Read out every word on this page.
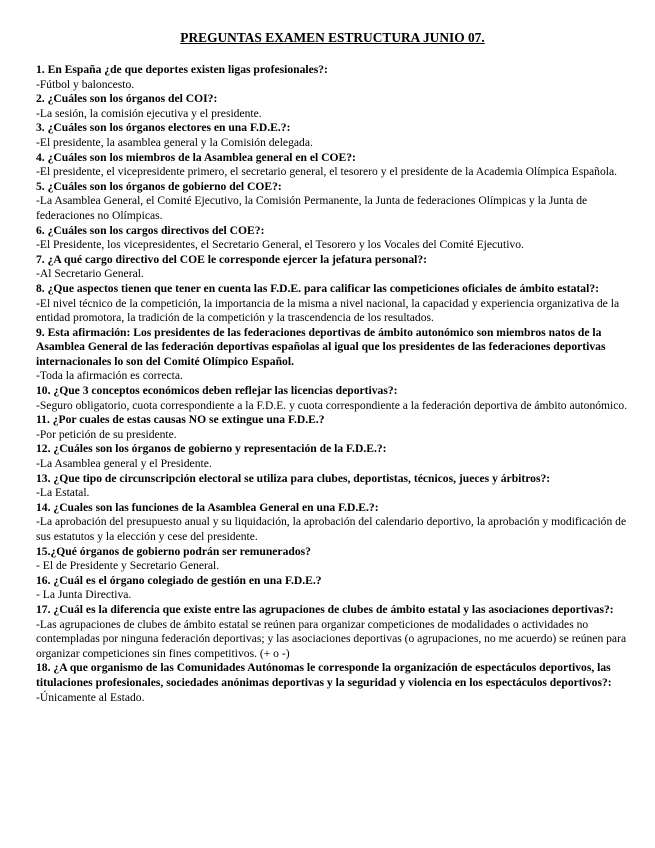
PREGUNTAS EXAMEN ESTRUCTURA JUNIO 07.
1. En España ¿de que deportes existen ligas profesionales?:
-Fútbol y baloncesto.
2. ¿Cuáles son los órganos del COI?:
-La sesión, la comisión ejecutiva y el presidente.
3. ¿Cuáles son los órganos electores en una F.D.E.?:
-El presidente, la asamblea general y la Comisión delegada.
4. ¿Cuáles son los miembros de la Asamblea general en el COE?:
-El presidente, el vicepresidente primero, el secretario general, el tesorero y el presidente de la Academia Olímpica Española.
5. ¿Cuáles son los órganos de gobierno del COE?:
-La Asamblea General, el Comité Ejecutivo, la Comisión Permanente, la Junta de federaciones Olímpicas y la Junta de federaciones no Olímpicas.
6. ¿Cuáles son los cargos directivos del COE?:
-El Presidente, los vicepresidentes, el Secretario General, el Tesorero y los Vocales del Comité Ejecutivo.
7. ¿A qué cargo directivo del COE le corresponde ejercer la jefatura personal?:
-Al Secretario General.
8. ¿Que aspectos tienen que tener en cuenta las F.D.E. para calificar las competiciones oficiales de ámbito estatal?:
-El nivel técnico de la competición, la importancia de la misma a nivel nacional, la capacidad y experiencia organizativa de la entidad promotora, la tradición de la competición y la trascendencia de los resultados.
9. Esta afirmación: Los presidentes de las federaciones deportivas de ámbito autonómico son miembros natos de la Asamblea General de las federación deportivas españolas al igual que los presidentes de las federaciones deportivas internacionales lo son del Comité Olímpico Español.
-Toda la afirmación es correcta.
10. ¿Que 3 conceptos económicos deben reflejar las licencias deportivas?:
-Seguro obligatorio, cuota correspondiente a la F.D.E. y cuota correspondiente a la federación deportiva de ámbito autonómico.
11. ¿Por cuales de estas causas NO se extingue una F.D.E.?
-Por petición de su presidente.
12. ¿Cuáles son los órganos de gobierno y representación de la F.D.E.?:
-La Asamblea general y el Presidente.
13. ¿Que tipo de circunscripción electoral se utiliza para clubes, deportistas, técnicos, jueces y árbitros?:
-La Estatal.
14. ¿Cuales son las funciones de la Asamblea General en una F.D.E.?:
-La aprobación del presupuesto anual y su liquidación, la aprobación del calendario deportivo, la aprobación y modificación de sus estatutos y la elección y cese del presidente.
15.¿Qué órganos de gobierno podrán ser remunerados?
- El de Presidente y Secretario General.
16. ¿Cuál es el órgano colegiado de gestión en una F.D.E.?
- La Junta Directiva.
17. ¿Cuál es la diferencia que existe entre las agrupaciones de clubes de ámbito estatal y las asociaciones deportivas?:
-Las agrupaciones de clubes de ámbito estatal se reúnen para organizar competiciones de modalidades o actividades no contempladas por ninguna federación deportivas; y las asociaciones deportivas (o agrupaciones, no me acuerdo) se reúnen para organizar competiciones sin fines competitivos. (+ o -)
18. ¿A que organismo de las Comunidades Autónomas le corresponde la organización de espectáculos deportivos, las titulaciones profesionales, sociedades anónimas deportivas y la seguridad y violencia en los espectáculos deportivos?:
-Únicamente al Estado.
